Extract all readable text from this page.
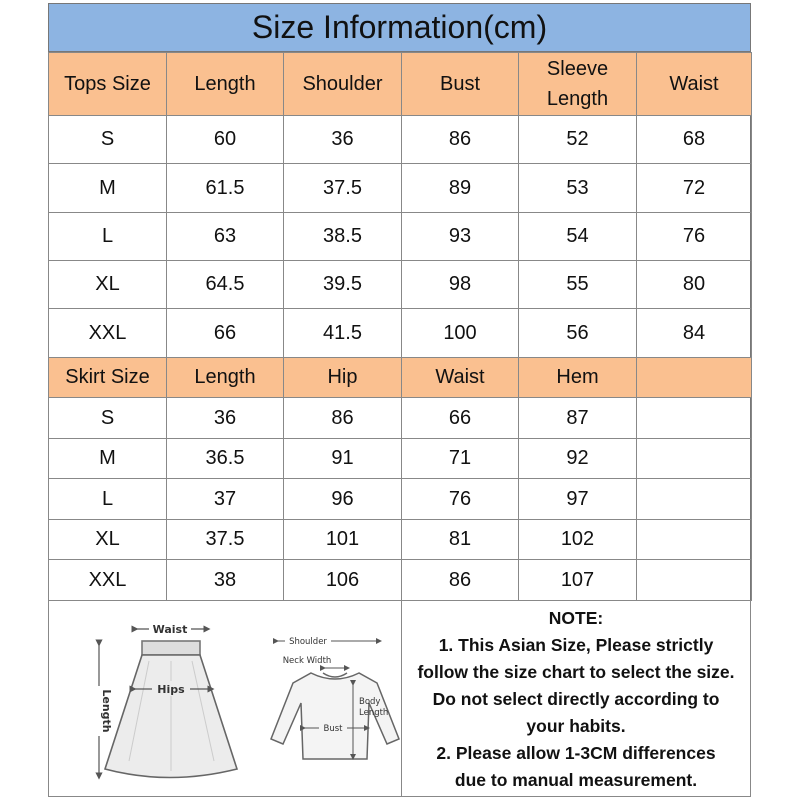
Size Information(cm)
Tops Size	Length	Shoulder	Bust	Sleeve Length	Waist
S	60	36	86	52	68
M	61.5	37.5	89	53	72
L	63	38.5	93	54	76
XL	64.5	39.5	98	55	80
XXL	66	41.5	100	56	84
Skirt Size	Length	Hip	Waist	Hem	
S	36	86	66	87	
M	36.5	91	71	92	
L	37	96	76	97	
XL	37.5	101	81	102	
XXL	38	106	86	107	
Waist
Length	Hips
Shoulder
Neck Width
Body
Length
Bust
NOTE:
1. This Asian Size, Please strictly
follow the size chart to select the size.
Do not select directly according to
your habits.
2. Please allow 1-3CM differences
due to manual measurement.
